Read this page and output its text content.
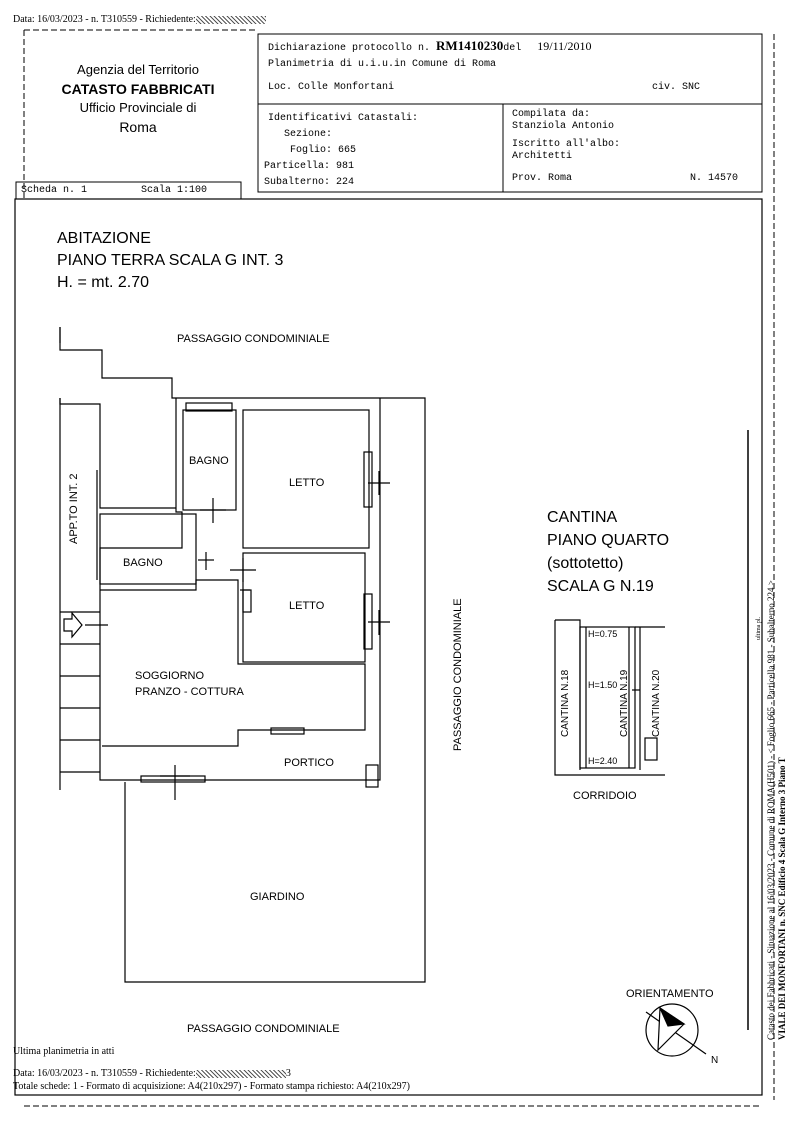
Data: 16/03/2023 - n. T310559 - Richiedente:
Agenzia del Territorio
CATASTO FABBRICATI
Ufficio Provinciale di
Roma
Dichiarazione protocollo n. RM1410230del 19/11/2010
Planimetria di u.i.u.in Comune di Roma
Loc. Colle Monfortani	civ. SNC
Identificativi Catastali:
Sezione:
Foglio: 665
Particella: 981
Subalterno: 224
Compilata da:
Stanziola Antonio
Iscritto all'albo:
Architetti
Prov. Roma	N. 14570
Scheda n. 1	Scala 1:100
ABITAZIONE
PIANO TERRA SCALA G INT. 3
H. = mt. 2.70
CANTINA
PIANO QUARTO
(sottotetto)
SCALA G N.19
PASSAGGIO CONDOMINIALE
PASSAGGIO CONDOMINIALE
PASSAGGIO CONDOMINIALE
APP.TO INT. 2
BAGNO
LETTO
BAGNO
LETTO
SOGGIORNO
PRANZO - COTTURA
PORTICO
GIARDINO
CANTINA N.18	CANTINA N.19 CANTINA N.20
H=0.75
H=1.50
H=2.40
CORRIDOIO
ORIENTAMENTO
N
Catasto dei Fabbricati - Situazione al 16/03/2023 - Comune di ROMA(H501) - < Foglio 665 - Particella 981 - Subalterno 224 > VIALE DEI MONFORTANI n. SNC Edificio 4 Scala G Interno 3 Piano T
ultima pl.
Ultima planimetria in atti
Data: 16/03/2023 - n. T310559 - Richiedente:	3
Totale schede: 1 - Formato di acquisizione: A4(210x297) - Formato stampa richiesto: A4(210x297)
